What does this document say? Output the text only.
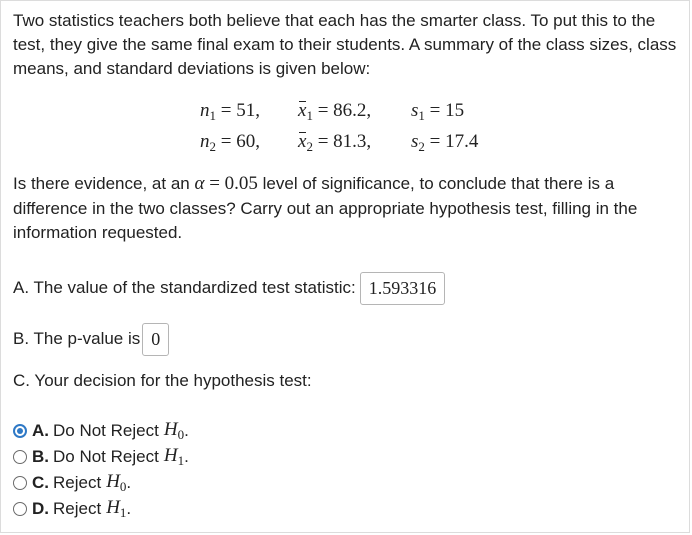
Two statistics teachers both believe that each has the smarter class. To put this to the test, they give the same final exam to their students. A summary of the class sizes, class means, and standard deviations is given below:

$n_1 = 51$, $x_1 = 86.2$, $s_1 = 15$
$n_2 = 60$, $x_2 = 81.3$, $s_2 = 17.4$

Is there evidence, at an α = 0.05 level of significance, to conclude that there is a difference in the two classes? Carry out an appropriate hypothesis test, filling in the information requested.

A. The value of the standardized test statistic: 1.593316
B. The p-value is 0
C. Your decision for the hypothesis test:
A. Do Not Reject $H_0$ .
B. Do Not Reject $H_1$ .
C. Reject $H_0$ .
D. Reject $H_1$ .
